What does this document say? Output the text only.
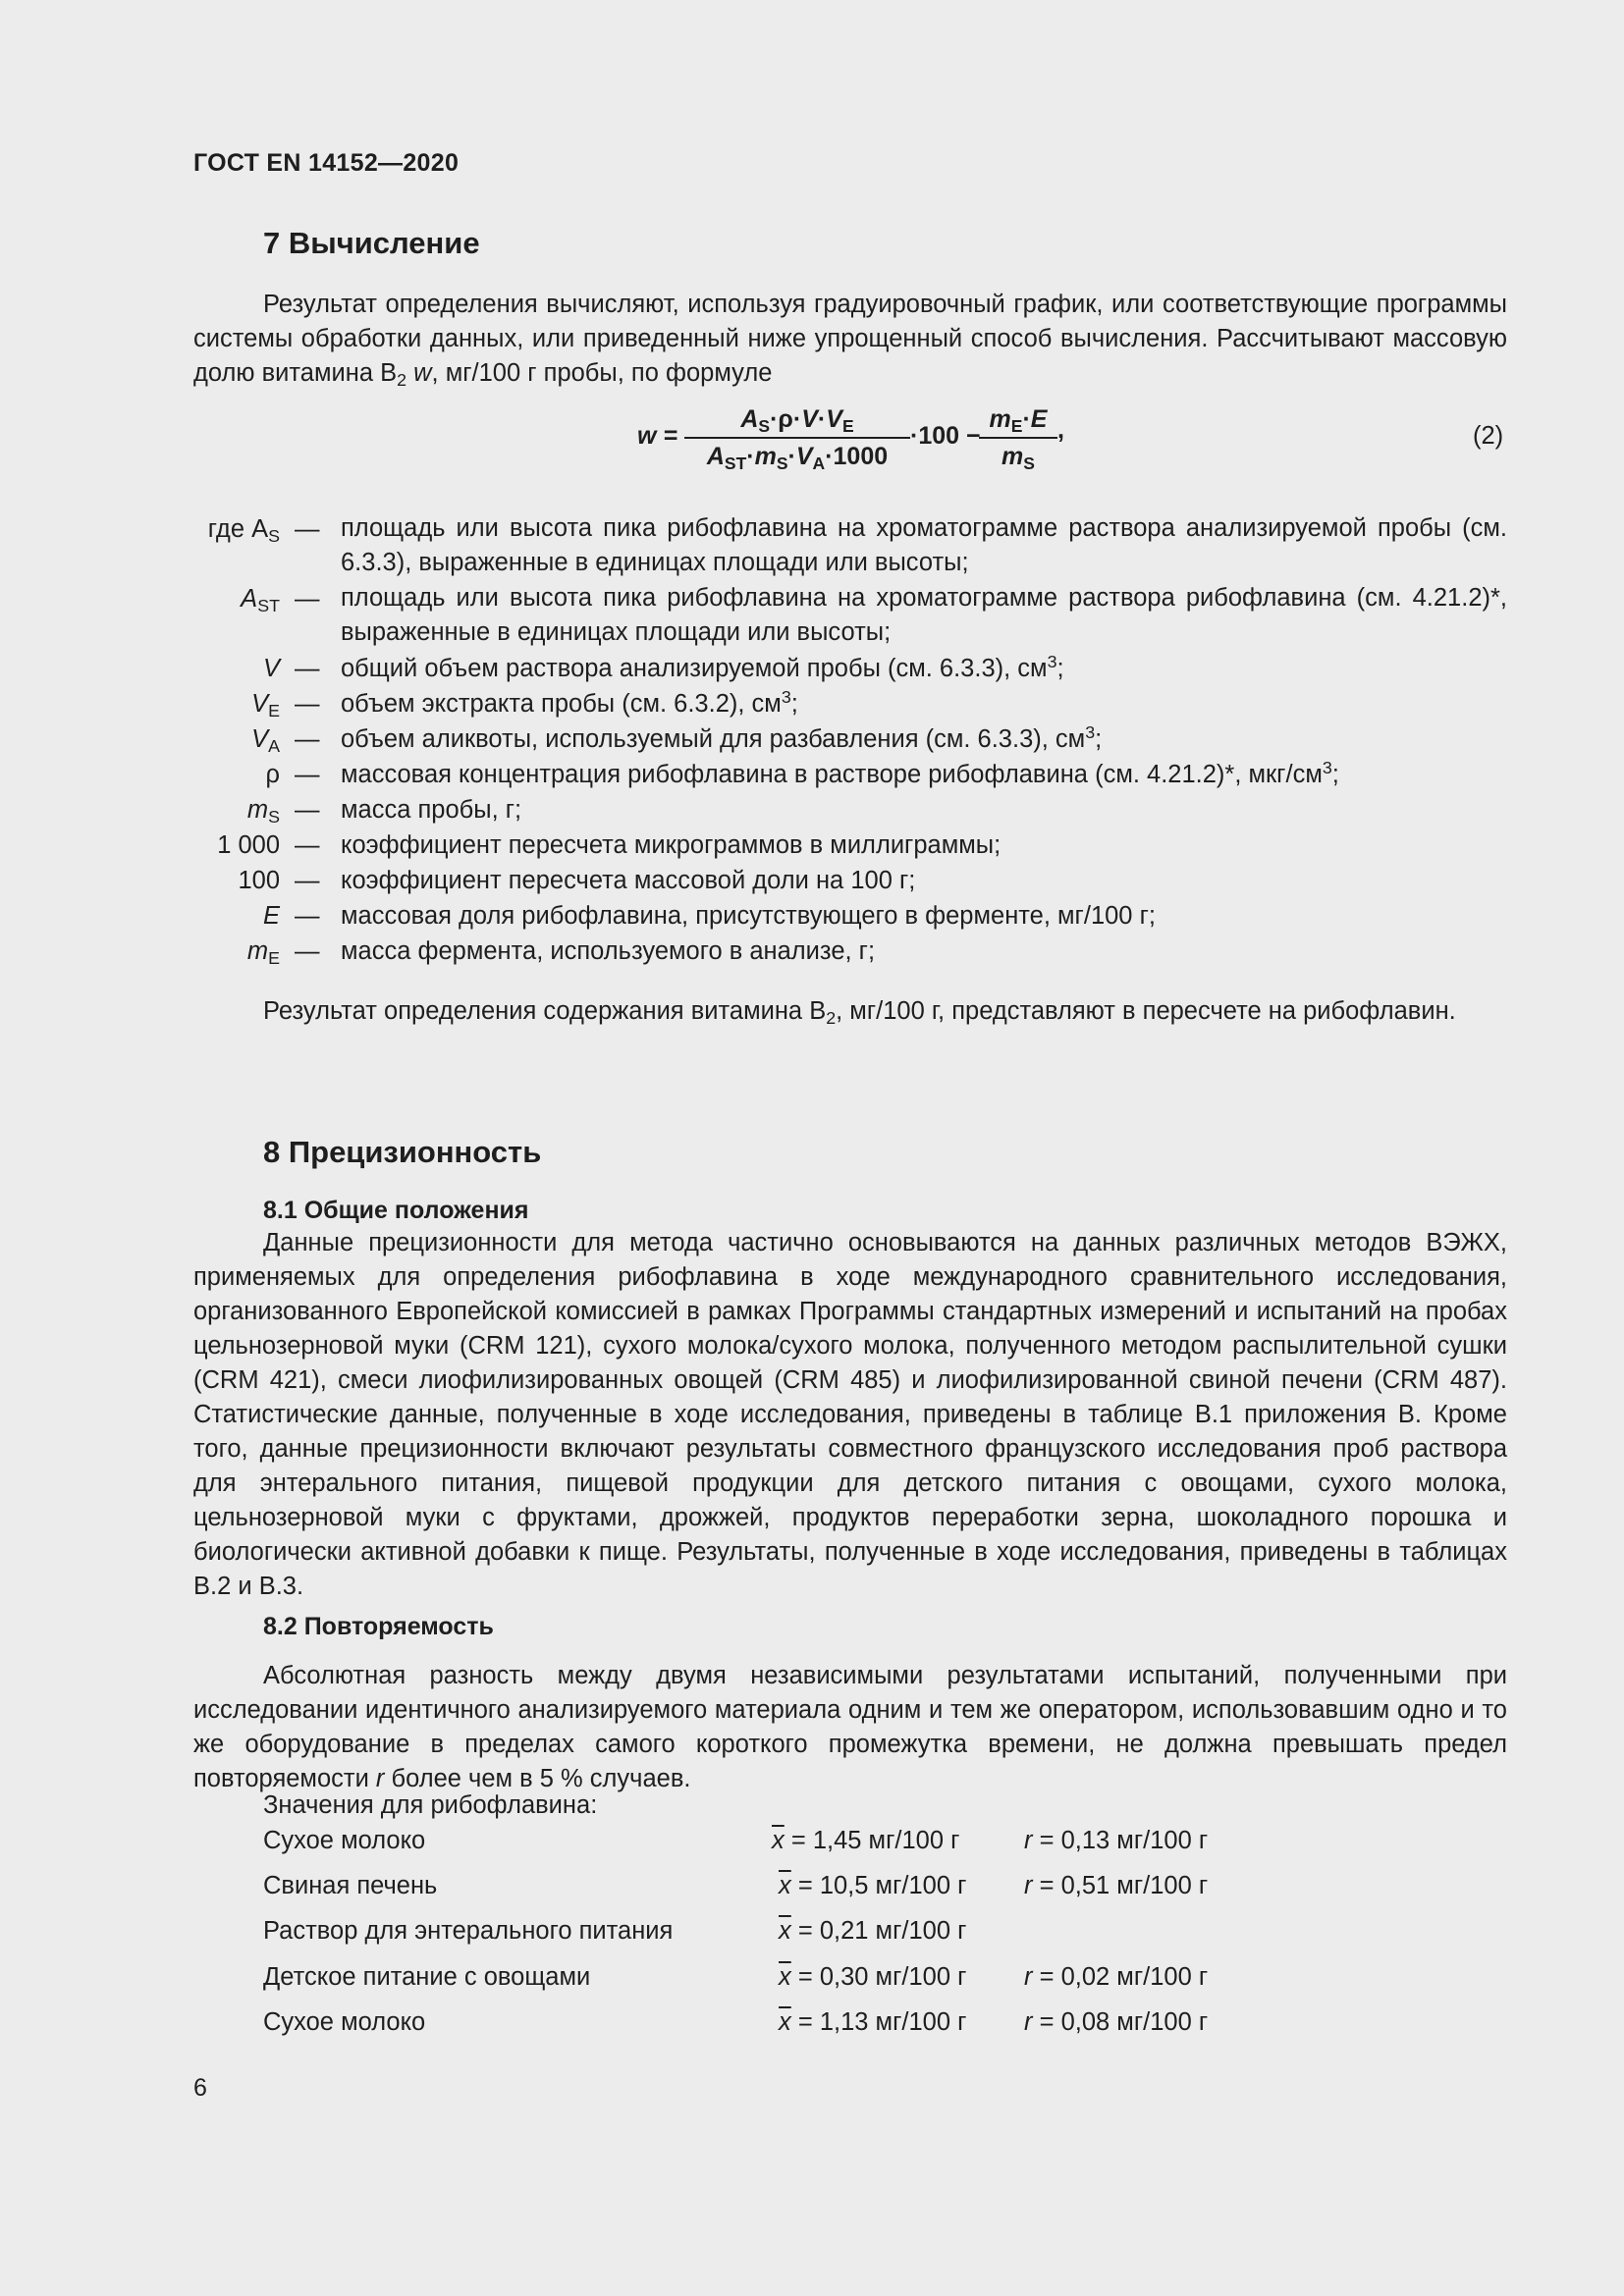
ГОСТ EN 14152—2020
7 Вычисление
Результат определения вычисляют, используя градуировочный график, или соответствующие программы системы обработки данных, или приведенный ниже упрощенный способ вычисления. Рассчитывают массовую долю витамина $B_2$ w, мг/100 г пробы, по формуле
w =
$A_S\cdot\rho\cdot V\cdot V_E$
$A_{ST}\cdot m_S\cdot V_A\cdot 1000$
·100 −
$\frac{m_E\cdot E}{m_S}$ ,	(2)
где $A_S$ — площадь или высота пика рибофлавина на хроматограмме раствора анализируемой пробы (см. 6.3.3), выраженные в единицах площади или высоты;
$A_{ST}$ — площадь или высота пика рибофлавина на хроматограмме раствора рибофлавина (см. 4.21.2)*, выраженные в единицах площади или высоты;
V — общий объем раствора анализируемой пробы (см. 6.3.3), $см^3$;
$V_E$ — объем экстракта пробы (см. 6.3.2), $см^3$;
$V_A$ — объем аликвоты, используемый для разбавления (см. 6.3.3), $см^3$;
ρ — массовая концентрация рибофлавина в растворе рибофлавина (см. 4.21.2)*, мкг/$см^3$;
$m_S$ — масса пробы, г;
1 000 — коэффициент пересчета микрограммов в миллиграммы;
100 — коэффициент пересчета массовой доли на 100 г;
E — массовая доля рибофлавина, присутствующего в ферменте, мг/100 г;
$m_E$ — масса фермента, используемого в анализе, г;
Результат определения содержания витамина $B_2$, мг/100 г, представляют в пересчете на рибофлавин.
8 Прецизионность
8.1 Общие положения
Данные прецизионности для метода частично основываются на данных различных методов ВЭЖХ, применяемых для определения рибофлавина в ходе международного сравнительного исследования, организованного Европейской комиссией в рамках Программы стандартных измерений и испытаний на пробах цельнозерновой муки (CRM 121), сухого молока/сухого молока, полученного методом распылительной сушки (CRM 421), смеси лиофилизированных овощей (CRM 485) и лиофилизированной свиной печени (CRM 487). Статистические данные, полученные в ходе исследования, приведены в таблице B.1 приложения B. Кроме того, данные прецизионности включают результаты совместного французского исследования проб раствора для энтерального питания, пищевой продукции для детского питания с овощами, сухого молока, цельнозерновой муки с фруктами, дрожжей, продуктов переработки зерна, шоколадного порошка и биологически активной добавки к пище. Результаты, полученные в ходе исследования, приведены в таблицах B.2 и B.3.
8.2 Повторяемость
Абсолютная разность между двумя независимыми результатами испытаний, полученными при исследовании идентичного анализируемого материала одним и тем же оператором, использовавшим одно и то же оборудование в пределах самого короткого промежутка времени, не должна превышать предел повторяемости r более чем в 5 % случаев.
Значения для рибофлавина:
Сухое молоко	$\overline{x} = 1,45$ мг/100 г	r = 0,13 мг/100 г
Свиная печень	$\overline{x} = 10,5$ мг/100 г r = 0,51 мг/100 г
Раствор для энтерального питания	$\overline{x} = 0,21$ мг/100 г
Детское питание с овощами	$\overline{x} = 0,30$ мг/100 г r = 0,02 мг/100 г
Сухое молоко	$\overline{x} = 1,13$ мг/100 г r = 0,08 мг/100 г
6
